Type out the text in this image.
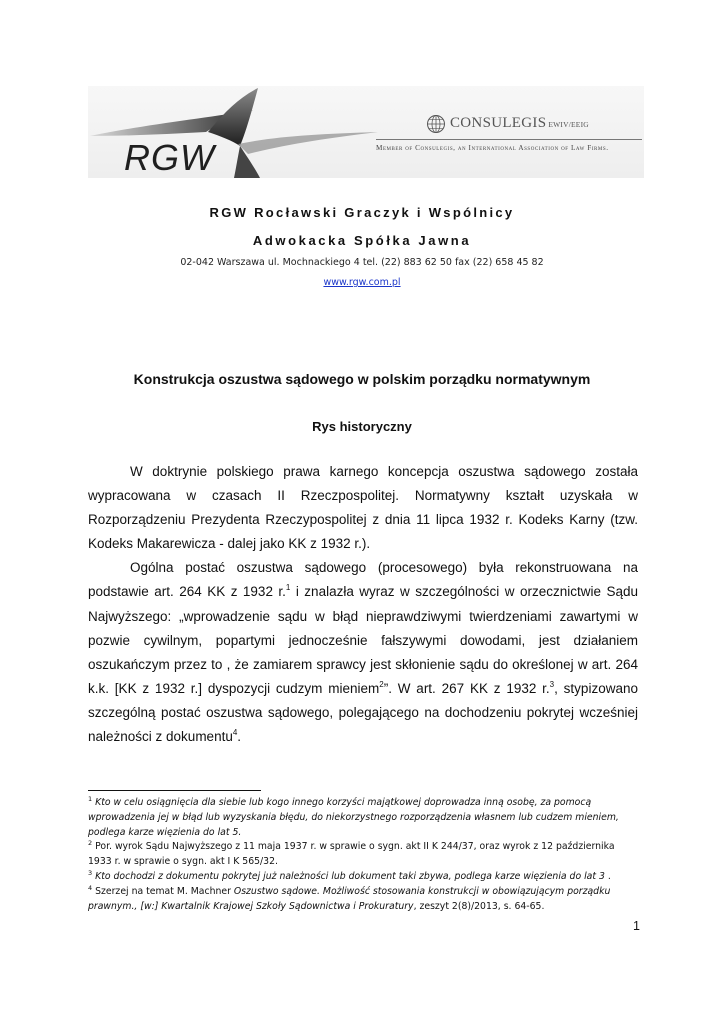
RGW
CONSULEGIS EWIV/EEIG
Member of Consulegis, an International Association of Law Firms.
RGW Rocławski Graczyk i Wspólnicy
Adwokacka Spółka Jawna
02-042 Warszawa ul. Mochnackiego 4 tel. (22) 883 62 50 fax (22) 658 45 82
www.rgw.com.pl
Konstrukcja oszustwa sądowego w polskim porządku normatywnym
Rys historyczny

W doktrynie polskiego prawa karnego koncepcja oszustwa sądowego została wypracowana w czasach II Rzeczpospolitej. Normatywny kształt uzyskała w Rozporządzeniu Prezydenta Rzeczypospolitej z dnia 11 lipca 1932 r. Kodeks Karny (tzw. Kodeks Makarewicza - dalej jako KK z 1932 r.).

Ogólna postać oszustwa sądowego (procesowego) była rekonstruowana na podstawie art. 264 KK z 1932 r.$^1$ i znalazła wyraz w szczególności w orzecznictwie Sądu Najwyższego: „wprowadzenie sądu w błąd nieprawdziwymi twierdzeniami zawartymi w pozwie cywilnym, popartymi jednocześnie fałszywymi dowodami, jest działaniem oszukańczym przez to , że zamiarem sprawcy jest skłonienie sądu do określonej w art. 264 k.k. [KK z 1932 r.] dyspozycji cudzym mieniem$^2$”. W art. 267 KK z 1932 r.$^3$, stypizowano szczególną postać oszustwa sądowego, polegającego na dochodzeniu pokrytej wcześniej należności z dokumentu$^4$.

$^1$ Kto w celu osiągnięcia dla siebie lub kogo innego korzyści majątkowej doprowadza inną osobę, za pomocą wprowadzenia jej w błąd lub wyzyskania błędu, do niekorzystnego rozporządzenia własnem lub cudzem mieniem, podlega karze więzienia do lat 5.

$^2$ Por. wyrok Sądu Najwyższego z 11 maja 1937 r. w sprawie o sygn. akt II K 244/37, oraz wyrok z 12 października 1933 r. w sprawie o sygn. akt I K 565/32.

$^3$ Kto dochodzi z dokumentu pokrytej już należności lub dokument taki zbywa, podlega karze więzienia do lat 3 .

$^4$ Szerzej na temat M. Machner Oszustwo sądowe. Możliwość stosowania konstrukcji w obowiązującym porządku prawnym., [w:] Kwartalnik Krajowej Szkoły Sądownictwa i Prokuratury, zeszyt 2(8)/2013, s. 64-65.

1
